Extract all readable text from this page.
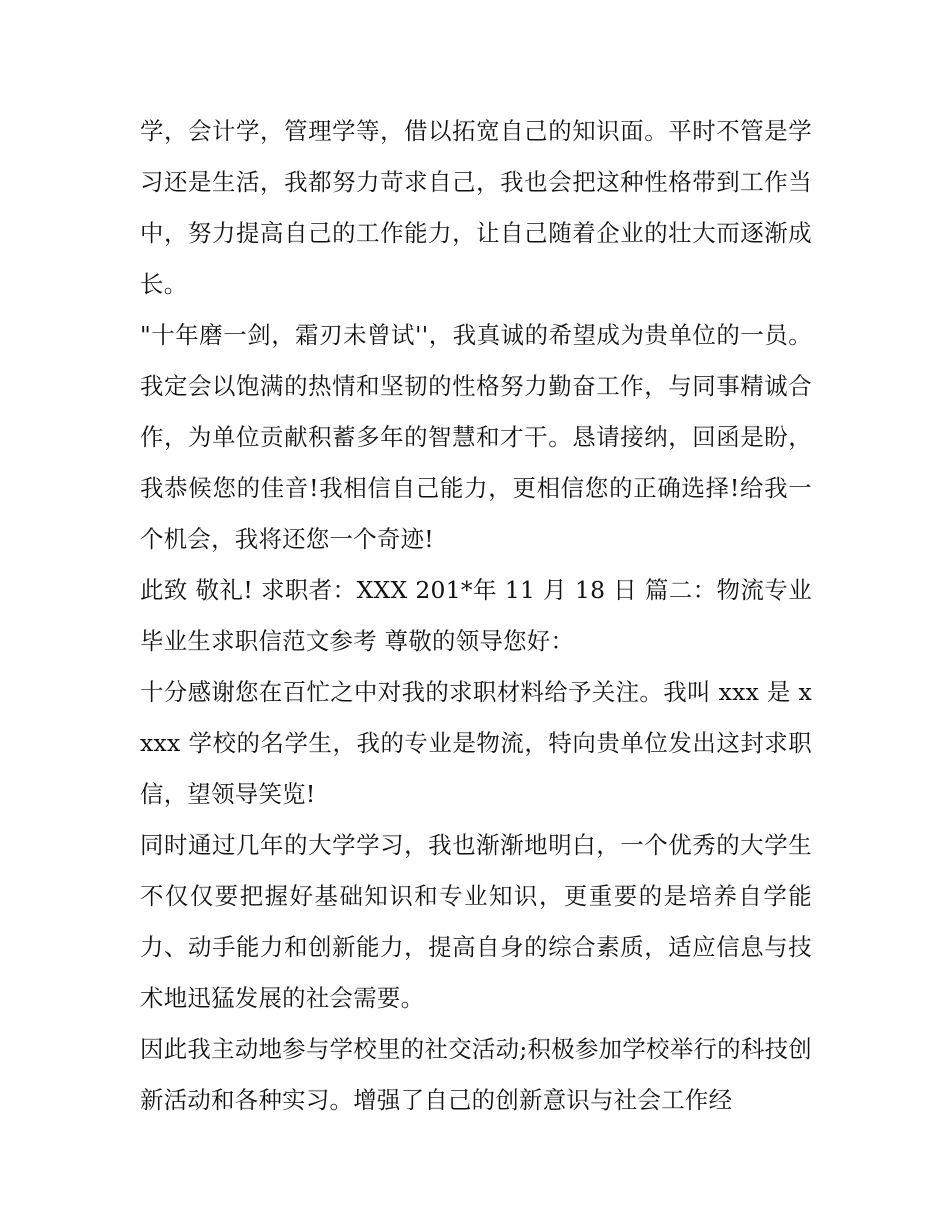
学，会计学，管理学等，借以拓宽自己的知识面。平时不管是学习还是生活，我都努力苛求自己，我也会把这种性格带到工作当中，努力提高自己的工作能力，让自己随着企业的壮大而逐渐成长。

"十年磨一剑，霜刃未曾试''，我真诚的希望成为贵单位的一员。我定会以饱满的热情和坚韧的性格努力勤奋工作，与同事精诚合作，为单位贡献积蓄多年的智慧和才干。恳请接纳，回函是盼，我恭候您的佳音!我相信自己能力，更相信您的正确选择!给我一个机会，我将还您一个奇迹!

此致 敬礼! 求职者：XXX 201*年 11 月 18 日 篇二：物流专业毕业生求职信范文参考 尊敬的领导您好：

十分感谢您在百忙之中对我的求职材料给予关注。我叫 xxx 是 xxxx 学校的名学生，我的专业是物流，特向贵单位发出这封求职信，望领导笑览!

同时通过几年的大学学习，我也渐渐地明白，一个优秀的大学生不仅仅要把握好基础知识和专业知识，更重要的是培养自学能力、动手能力和创新能力，提高自身的综合素质，适应信息与技术地迅猛发展的社会需要。

因此我主动地参与学校里的社交活动;积极参加学校举行的科技创新活动和各种实习。增强了自己的创新意识与社会工作经
